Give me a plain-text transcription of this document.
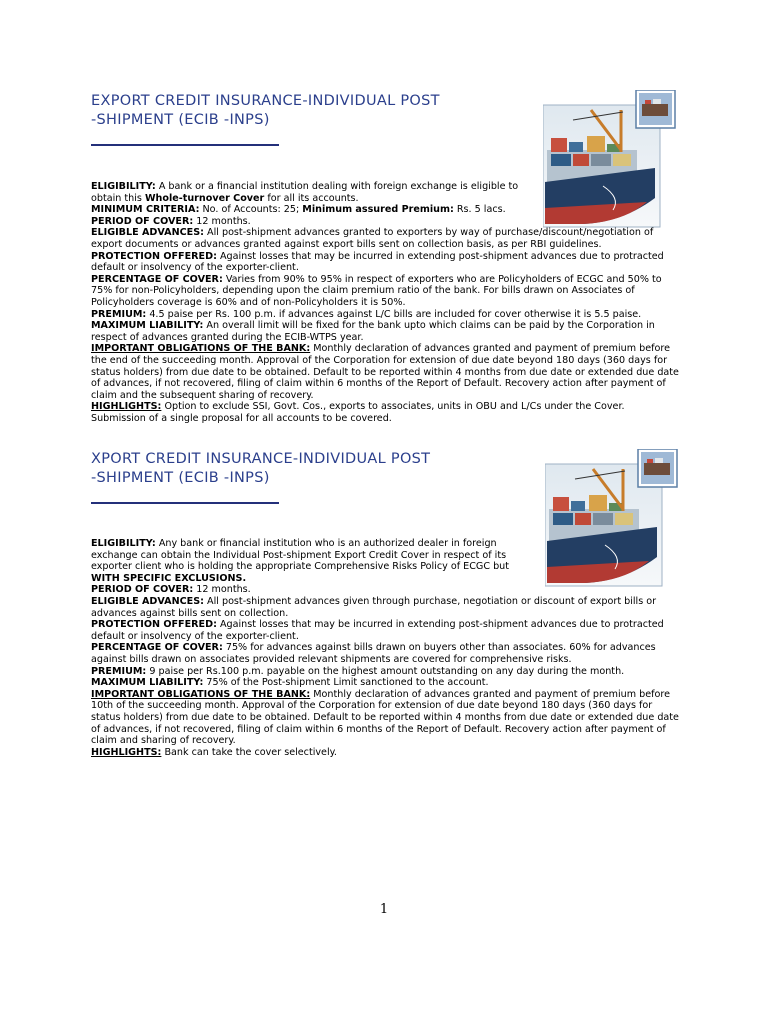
EXPORT CREDIT INSURANCE-INDIVIDUAL POST
-SHIPMENT (ECIB -INPS)

ELIGIBILITY: A bank or a financial institution dealing with foreign exchange is eligible to obtain this Whole-turnover Cover for all its accounts.

MINIMUM CRITERIA: No. of Accounts: 25; Minimum assured Premium: Rs. 5 lacs.

PERIOD OF COVER: 12 months.

ELIGIBLE ADVANCES: All post-shipment advances granted to exporters by way of purchase/discount/negotiation of export documents or advances granted against export bills sent on collection basis, as per RBI guidelines.

PROTECTION OFFERED: Against losses that may be incurred in extending post-shipment advances due to protracted default or insolvency of the exporter-client.

PERCENTAGE OF COVER: Varies from 90% to 95% in respect of exporters who are Policyholders of ECGC and 50% to 75% for non-Policyholders, depending upon the claim premium ratio of the bank. For bills drawn on Associates of Policyholders coverage is 60% and of non-Policyholders it is 50%.

PREMIUM: 4.5 paise per Rs. 100 p.m. if advances against L/C bills are included for cover otherwise it is 5.5 paise.

MAXIMUM LIABILITY: An overall limit will be fixed for the bank upto which claims can be paid by the Corporation in respect of advances granted during the ECIB-WTPS year.

IMPORTANT OBLIGATIONS OF THE BANK: Monthly declaration of advances granted and payment of premium before the end of the succeeding month. Approval of the Corporation for extension of due date beyond 180 days (360 days for status holders) from due date to be obtained. Default to be reported within 4 months from due date or extended due date of advances, if not recovered, filing of claim within 6 months of the Report of Default. Recovery action after payment of claim and the subsequent sharing of recovery.

HIGHLIGHTS: Option to exclude SSI, Govt. Cos., exports to associates, units in OBU and L/Cs under the Cover. Submission of a single proposal for all accounts to be covered.

XPORT CREDIT INSURANCE-INDIVIDUAL POST
-SHIPMENT (ECIB -INPS)

ELIGIBILITY: Any bank or financial institution who is an authorized dealer in foreign exchange can obtain the Individual Post-shipment Export Credit Cover in respect of its exporter client who is holding the appropriate Comprehensive Risks Policy of ECGC but WITH SPECIFIC EXCLUSIONS.

PERIOD OF COVER: 12 months.

ELIGIBLE ADVANCES: All post-shipment advances given through purchase, negotiation or discount of export bills or advances against bills sent on collection.

PROTECTION OFFERED: Against losses that may be incurred in extending post-shipment advances due to protracted default or insolvency of the exporter-client.

PERCENTAGE OF COVER: 75% for advances against bills drawn on buyers other than associates. 60% for advances against bills drawn on associates provided relevant shipments are covered for comprehensive risks.

PREMIUM: 9 paise per Rs.100 p.m. payable on the highest amount outstanding on any day during the month.

MAXIMUM LIABILITY: 75% of the Post-shipment Limit sanctioned to the account.

IMPORTANT OBLIGATIONS OF THE BANK: Monthly declaration of advances granted and payment of premium before 10th of the succeeding month. Approval of the Corporation for extension of due date beyond 180 days (360 days for status holders) from due date to be obtained. Default to be reported within 4 months from due date or extended due date of advances, if not recovered, filing of claim within 6 months of the Report of Default. Recovery action after payment of claim and sharing of recovery.

HIGHLIGHTS: Bank can take the cover selectively.

1
